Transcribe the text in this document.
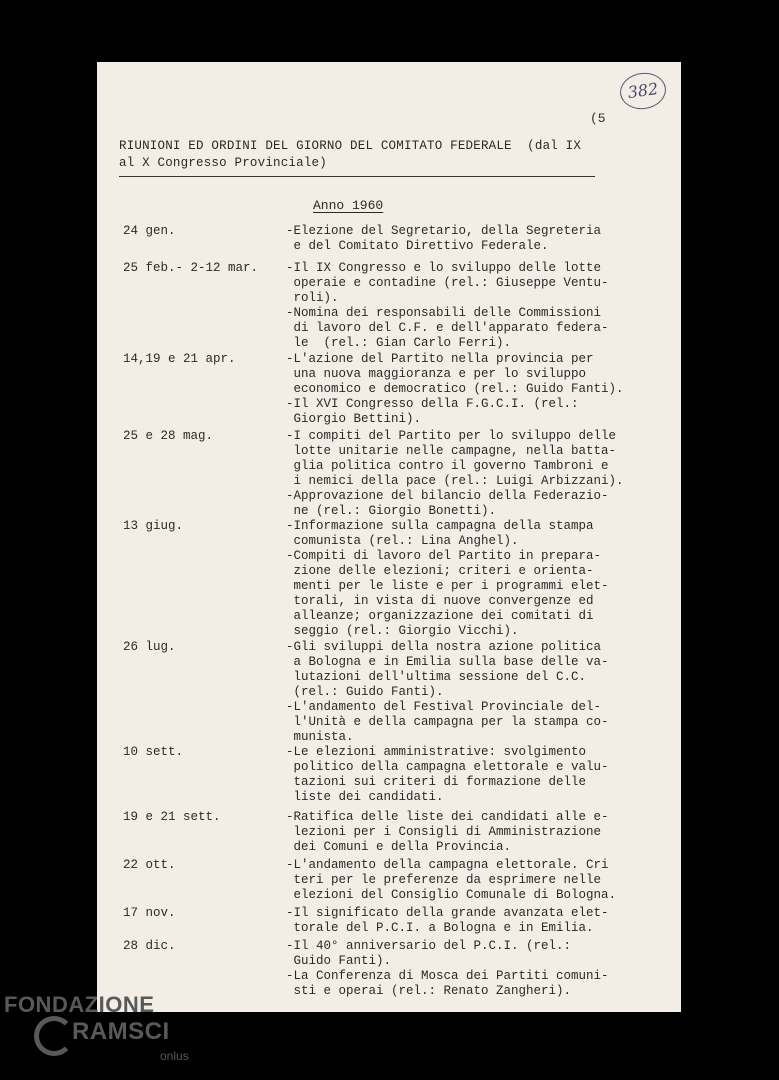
382
(5
RIUNIONI ED ORDINI DEL GIORNO DEL COMITATO FEDERALE  (dal IX
al X Congresso Provinciale)
Anno 1960
24 gen.	-Elezione del Segretario, della Segreteria
e del Comitato Direttivo Federale.
25 feb.- 2-12 mar. -Il IX Congresso e lo sviluppo delle lotte
operaie e contadine (rel.: Giuseppe Ventu-
roli).
-Nomina dei responsabili delle Commissioni
di lavoro del C.F. e dell'apparato federa-
le  (rel.: Gian Carlo Ferri).
14,19 e 21 apr.	-L'azione del Partito nella provincia per
una nuova maggioranza e per lo sviluppo
economico e democratico (rel.: Guido Fanti).
-Il XVI Congresso della F.G.C.I. (rel.:
Giorgio Bettini).
25 e 28 mag.	-I compiti del Partito per lo sviluppo delle
lotte unitarie nelle campagne, nella batta-
glia politica contro il governo Tambroni e
i nemici della pace (rel.: Luigi Arbizzani).
-Approvazione del bilancio della Federazio-
ne (rel.: Giorgio Bonetti).
13 giug.	-Informazione sulla campagna della stampa
comunista (rel.: Lina Anghel).
-Compiti di lavoro del Partito in prepara-
zione delle elezioni; criteri e orienta-
menti per le liste e per i programmi elet-
torali, in vista di nuove convergenze ed
alleanze; organizzazione dei comitati di
seggio (rel.: Giorgio Vicchi).
26 lug.	-Gli sviluppi della nostra azione politica
a Bologna e in Emilia sulla base delle va-
lutazioni dell'ultima sessione del C.C.
(rel.: Guido Fanti).
-L'andamento del Festival Provinciale del-
l'Unità e della campagna per la stampa co-
munista.
10 sett.	-Le elezioni amministrative: svolgimento
politico della campagna elettorale e valu-
tazioni sui criteri di formazione delle
liste dei candidati.
19 e 21 sett.	-Ratifica delle liste dei candidati alle e-
lezioni per i Consigli di Amministrazione
dei Comuni e della Provincia.
22 ott.	-L'andamento della campagna elettorale. Cri
teri per le preferenze da esprimere nelle
elezioni del Consiglio Comunale di Bologna.
17 nov.	-Il significato della grande avanzata elet-
torale del P.C.I. a Bologna e in Emilia.
28 dic.	-Il 40° anniversario del P.C.I. (rel.:
Guido Fanti).
-La Conferenza di Mosca dei Partiti comuni-
sti e operai (rel.: Renato Zangheri).
FONDAZIONE
RAMSCI
onlus
